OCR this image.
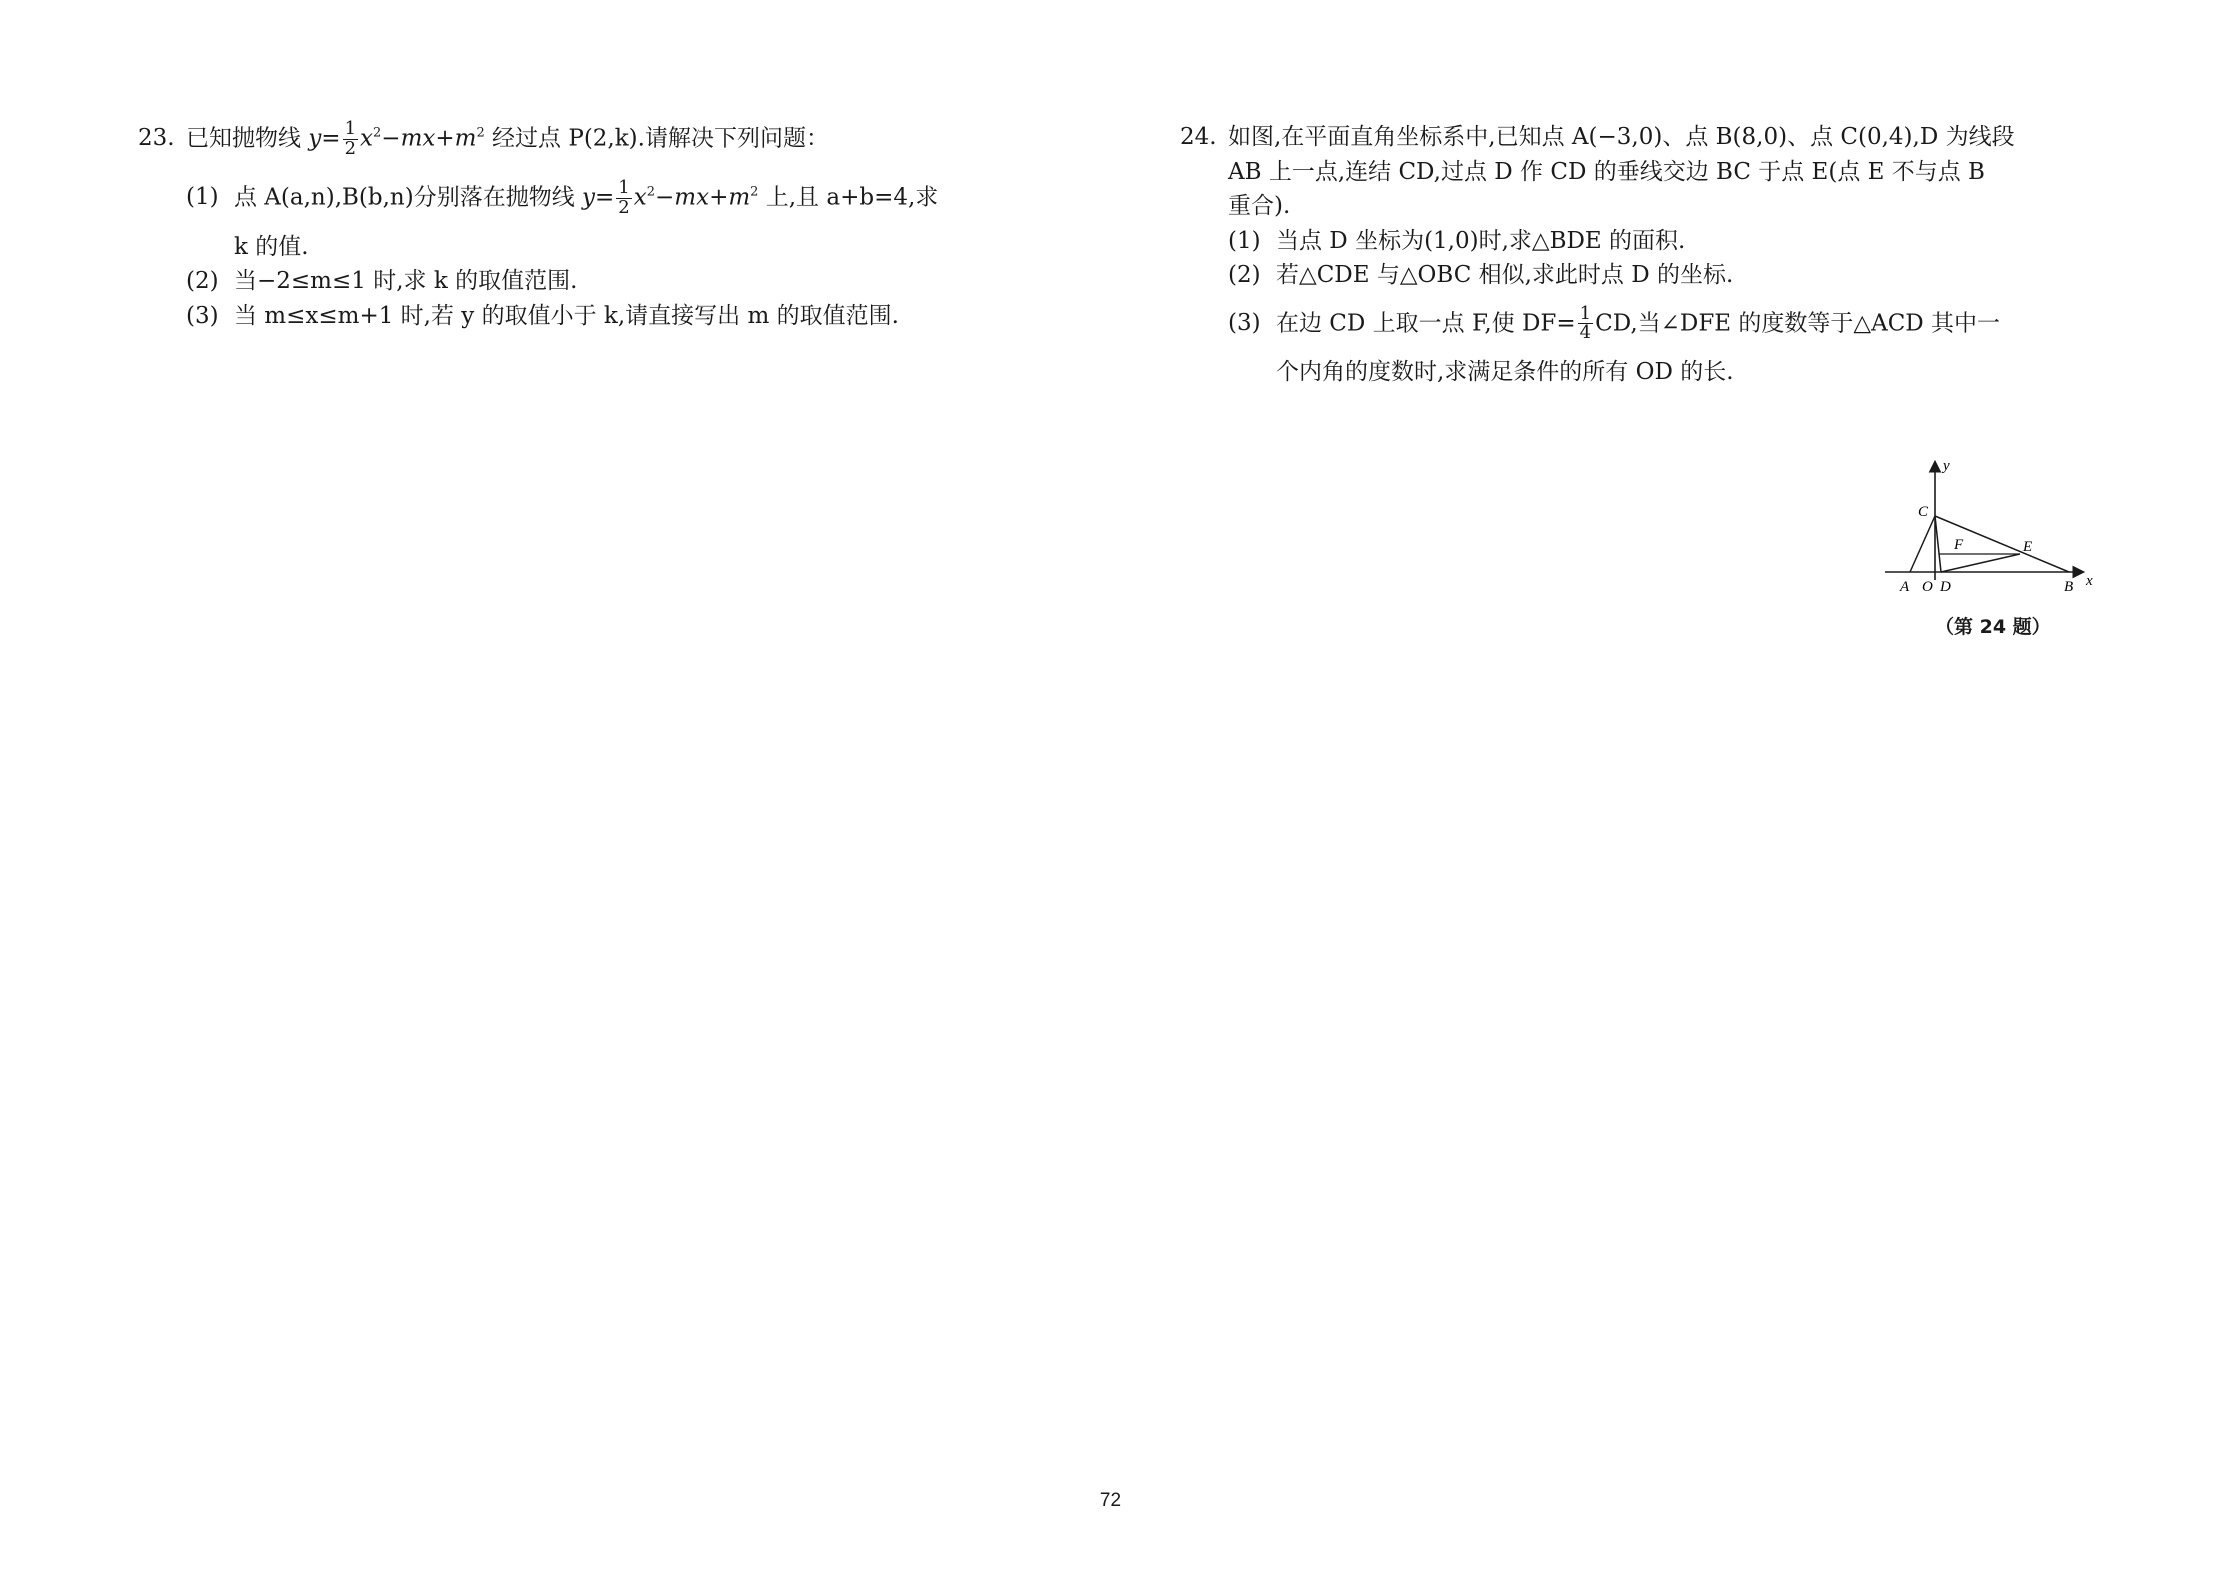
23. 已知抛物线 $y= \frac{1}{2} x^2-mx+m^2$ 经过点 P(2,k).请解决下列问题：
(1) 点 A(a,n),B(b,n)分别落在抛物线 $y= \frac{1}{2} x^2-mx+m^2$ 上,且 a+b=4,求
k 的值.
(2) 当−2≤m≤1 时,求 k 的取值范围.
(3) 当 m≤x≤m+1 时,若 y 的取值小于 k,请直接写出 m 的取值范围.
24. 如图,在平面直角坐标系中,已知点 A(−3,0)、点 B(8,0)、点 C(0,4),D 为线段
AB 上一点,连结 CD,过点 D 作 CD 的垂线交边 BC 于点 E(点 E 不与点 B
重合).
(1) 当点 D 坐标为(1,0)时,求△BDE 的面积.
(2) 若△CDE 与△OBC 相似,求此时点 D 的坐标.
(3) 在边 CD 上取一点 F,使 $DF= \frac{1}{4}$ CD,当∠DFE 的度数等于△ACD 其中一
个内角的度数时,求满足条件的所有 OD 的长.
y
C
F	E
A O D	B x
（第 24 题）
72
